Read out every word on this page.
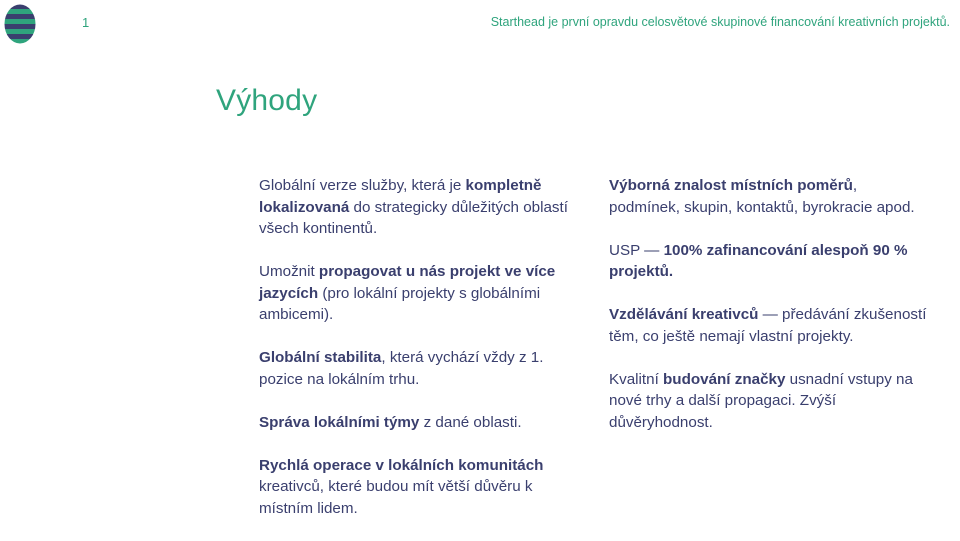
1	Starthead je první opravdu celosvětové skupinové financování kreativních projektů.
Výhody

Globální verze služby, která je kompletně lokalizovaná do strategicky důležitých oblastí všech kontinentů.

Umožnit propagovat u nás projekt ve více jazycích (pro lokální projekty s globálními ambicemi).

Globální stabilita, která vychází vždy z 1. pozice na lokálním trhu.

Správa lokálními týmy z dané oblasti.

Rychlá operace v lokálních komunitách kreativců, které budou mít větší důvěru k místním lidem.

Výborná znalost místních poměrů, podmínek, skupin, kontaktů, byrokracie apod.

USP — 100% zafinancování alespoň 90 % projektů.

Vzdělávání kreativců — předávání zkušeností těm, co ještě nemají vlastní projekty.

Kvalitní budování značky usnadní vstupy na nové trhy a další propagaci. Zvýší důvěryhodnost.
